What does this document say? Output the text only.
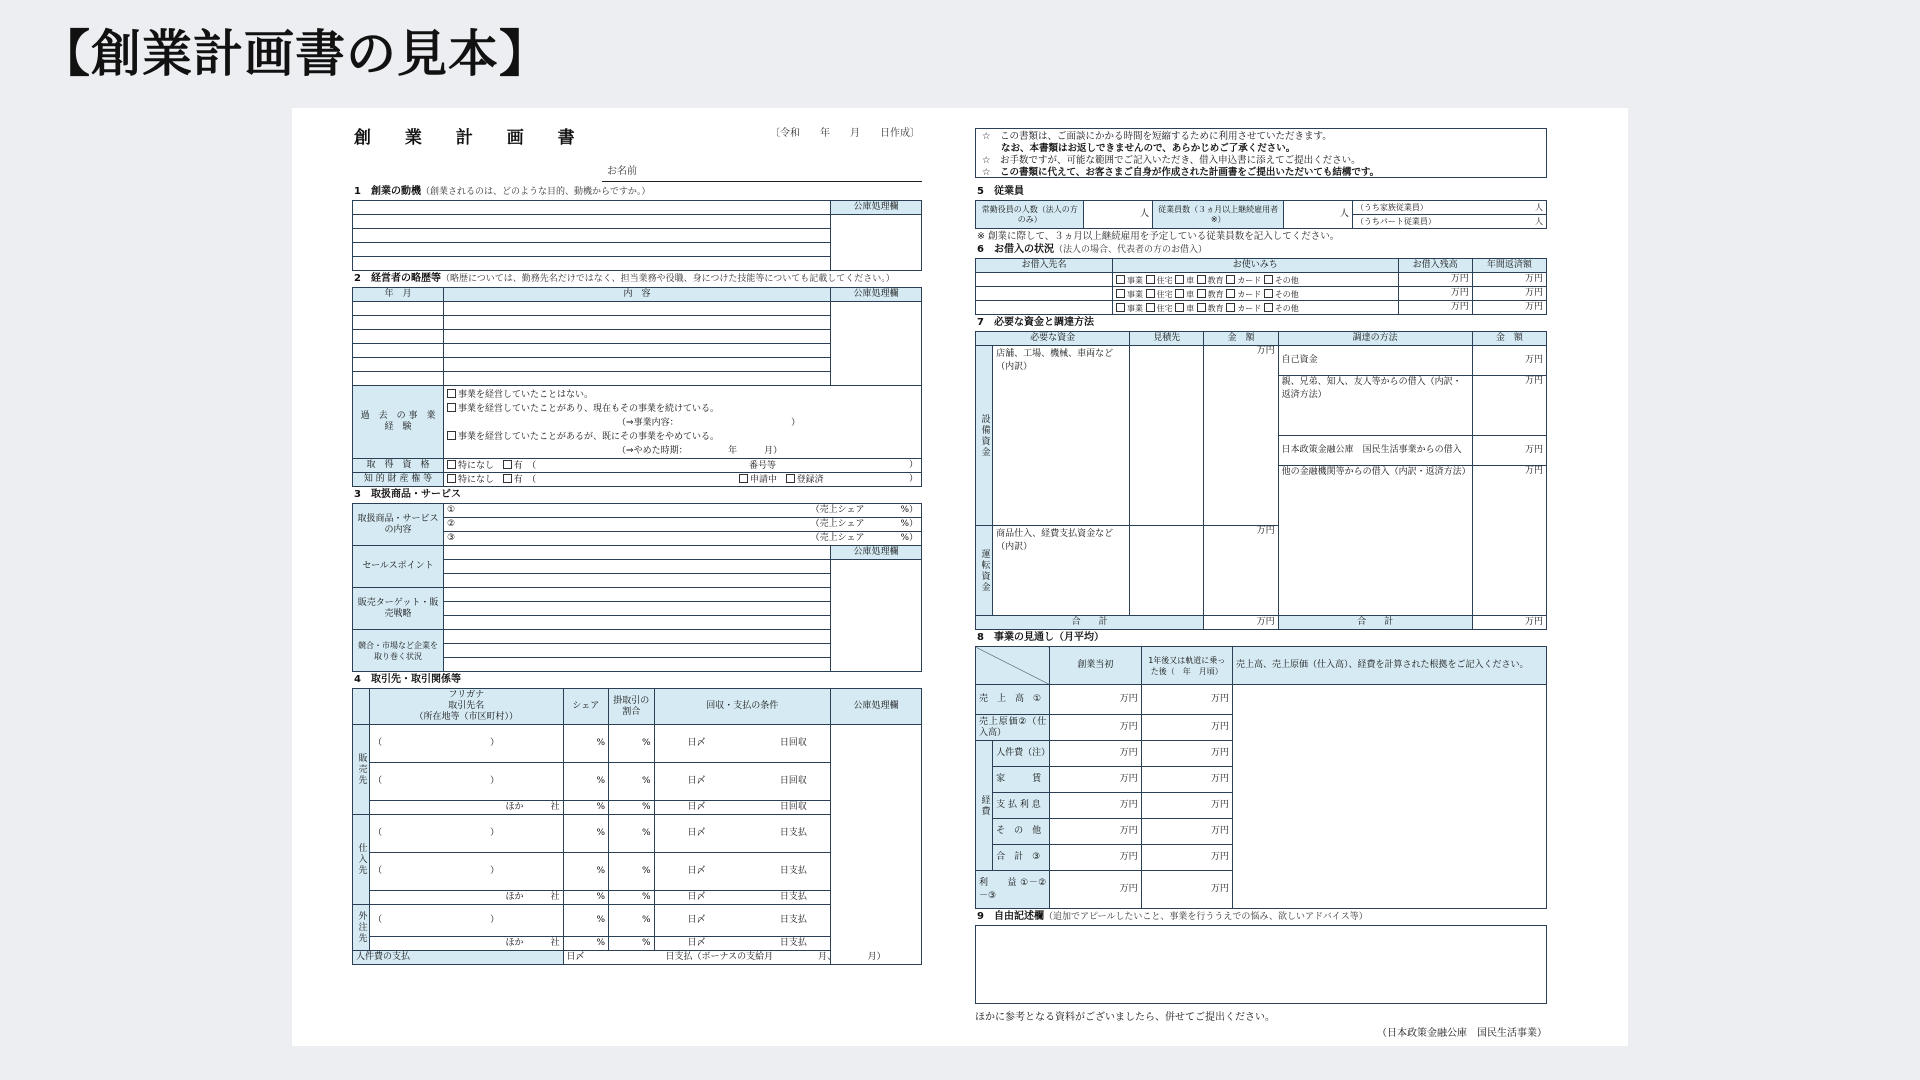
【創業計画書の見本】
創 業 計 画 書	〔令和　　年　　月　　日作成〕
お名前
1　創業の動機（創業されるのは、どのような目的、動機からですか。）
	公庫処理欄

2　経営者の略歴等（略歴については、勤務先名だけではなく、担当業務や役職、身につけた技能等についても記載してください。）
年　月	内　容	公庫処理欄

過　去　の 事　業　経　験	事業を経営していたことはない。
事業を経営していたことがあり、現在もその事業を続けている。
（⇒事業内容：　　　　　　　　　　　　　）
事業を経営していたことがあるが、既にその事業をやめている。
（⇒やめた時期：　　　　　年　　　月）	

取　得　資　格	特になし 有　（ 番号等 ）	

知 的 財 産 権 等	特になし 有　（ 申請中 登録済 ）	
3　取扱商品・サービス
取扱商品・サービスの内容	① （売上シェア　　　　%）	

	② （売上シェア　　　　%）	

	③ （売上シェア　　　　%）	

セールスポイント		公庫処理欄

販売ターゲット・販売戦略		

競合・市場など企業を取り巻く状況		

4　取引先・取引関係等

	フリガナ
取引先名
（所在地等（市区町村））	シェア	掛取引の割合	回収・支払の条件	公庫処理欄
販売先	（　　　　　　　　　　　　）	%	%	日〆 日回収	

	（　　　　　　　　　　　　）	%	%	日〆 日回収	

	ほか　　　社	%	%	日〆 日回収	

仕入先	（　　　　　　　　　　　　）	%	%	日〆 日支払	

	（　　　　　　　　　　　　）	%	%	日〆 日支払	

	ほか　　　社	%	%	日〆 日支払	

外注先	（　　　　　　　　　　　　）	%	%	日〆 日支払	

	ほか　　　社	%	%	日〆 日支払	

人件費の支払		日〆　　　　　　　　　日支払（ボーナスの支給月　　　　　月、　　　　月）			
☆　この書類は、ご面談にかかる時間を短縮するために利用させていただきます。
　　なお、本書類はお返しできませんので、あらかじめご了承ください。
☆　お手数ですが、可能な範囲でご記入いただき、借入申込書に添えてご提出ください。
☆　この書類に代えて、お客さまご自身が作成された計画書をご提出いただいても結構です。
5　従業員
常勤役員の人数（法人の方のみ）	人	従業員数（３ヵ月以上継続雇用者※）	人	（うち家族従業員）	人

（うちパート従業員）	人
※ 創業に際して、３ヵ月以上継続雇用を予定している従業員数を記入してください。
6　お借入の状況（法人の場合、代表者の方のお借入）
お借入先名	お使いみち	お借入残高	年間返済額
	事業 住宅 車 教育 カード その他	万円	万円
	事業 住宅 車 教育 カード その他	万円	万円
	事業 住宅 車 教育 カード その他	万円	万円
7　必要な資金と調達方法
必要な資金		見積先	金　額	調達の方法	金　額
設備資金	店舗、工場、機械、車両など（内訳）		万円	自己資金	万円
				親、兄弟、知人、友人等からの借入（内訳・返済方法）	万円
				日本政策金融公庫　国民生活事業からの借入	万円
				他の金融機関等からの借入（内訳・返済方法）	万円
運転資金	商品仕入、経費支払資金など（内訳）		万円		
合　　計			万円	合　　計	万円
8　事業の見通し（月平均）
		創業当初	1年後又は軌道に乗った後（　年　月頃）	売上高、売上原価（仕入高）、経費を計算された根拠をご記入ください。	
売　上　高　①		万円	万円		
売上原価②（仕入高）		万円	万円		
経費	人件費（注）	万円	万円		
	家　　　賃	万円	万円		
	支 払 利 息	万円	万円		
	そ　の　他	万円	万円		
	合　計　③	万円	万円		
利　　益 ①－②－③		万円	万円	
9　自由記述欄（追加でアピールしたいこと、事業を行ううえでの悩み、欲しいアドバイス等）
ほかに参考となる資料がございましたら、併せてご提出ください。
（日本政策金融公庫　国民生活事業）
